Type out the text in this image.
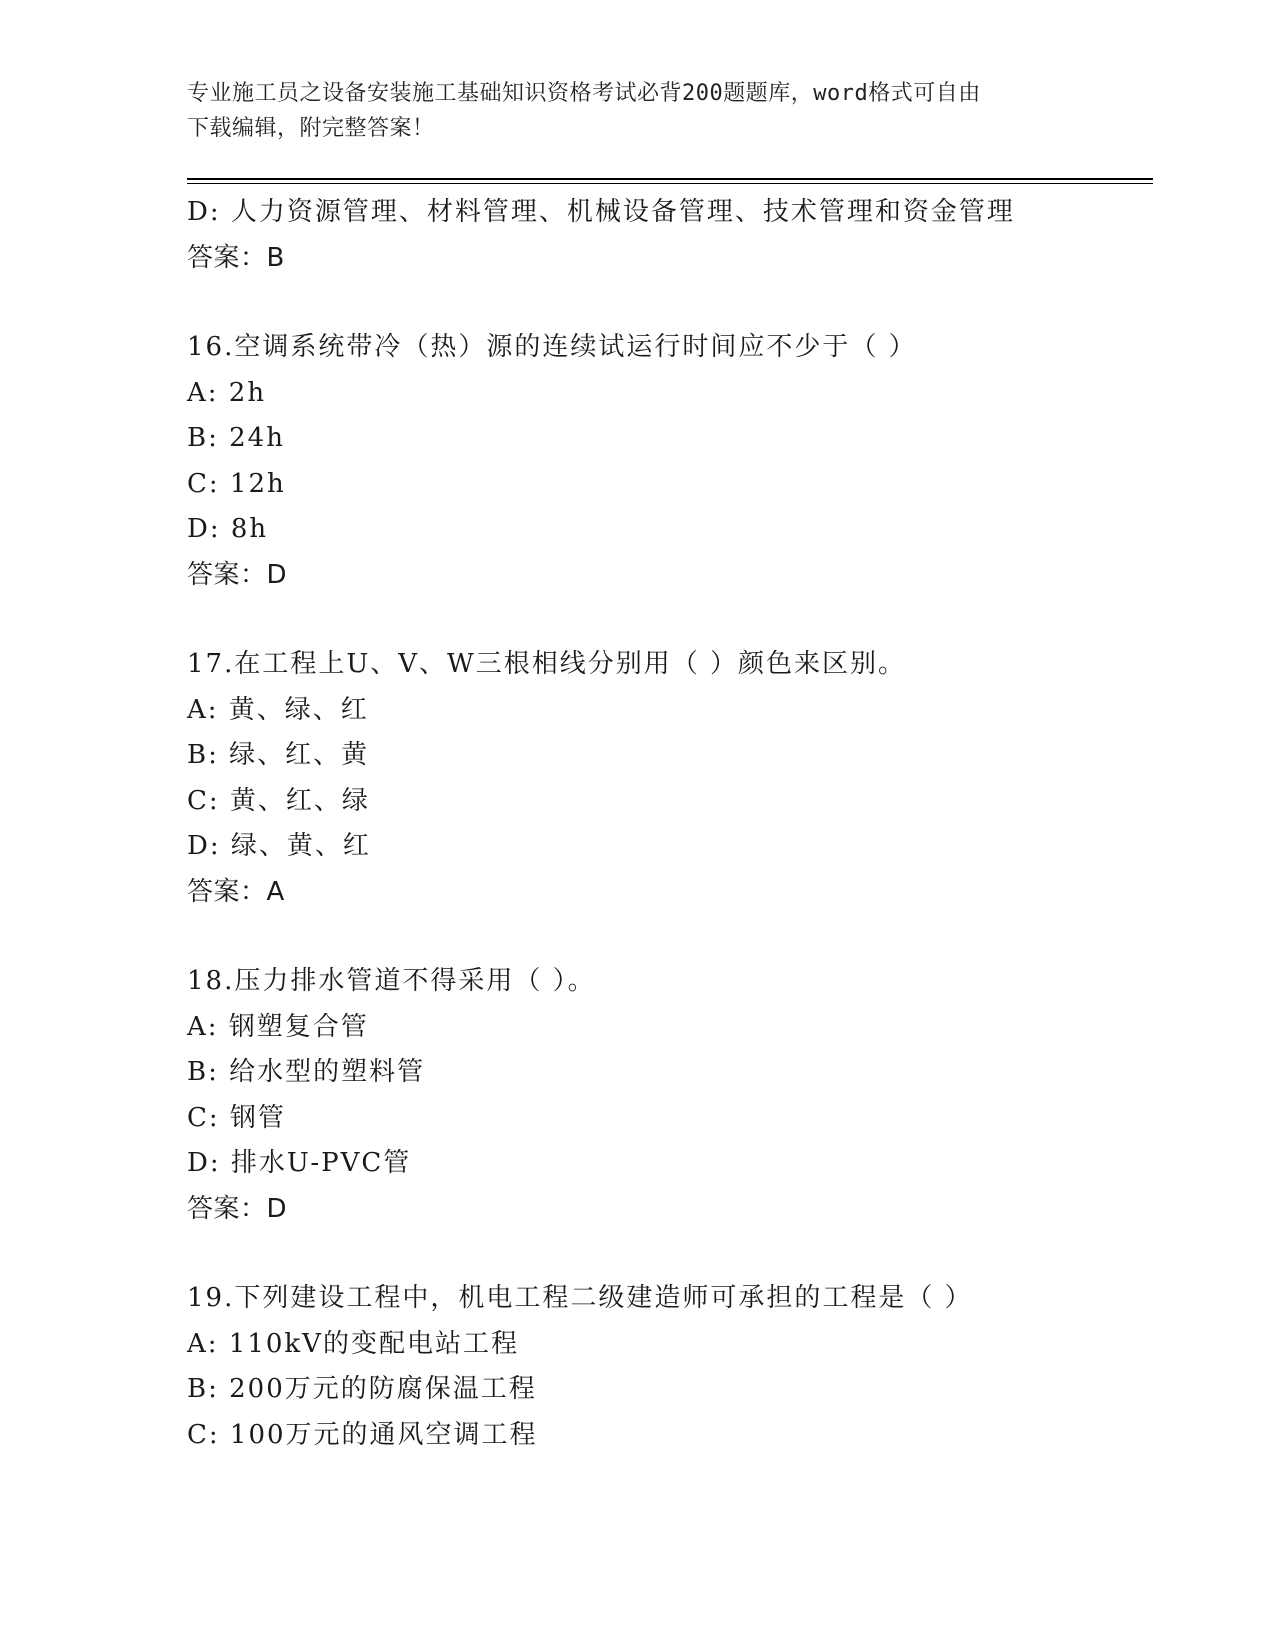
专业施工员之设备安装施工基础知识资格考试必背200题题库，word格式可自由
下载编辑，附完整答案！
D: 人力资源管理、材料管理、机械设备管理、技术管理和资金管理
答案：B
16.空调系统带冷（热）源的连续试运行时间应不少于（ ）
A: 2h
B: 24h
C: 12h
D: 8h
答案：D
17.在工程上U、V、W三根相线分别用（ ）颜色来区别。
A: 黄、绿、红
B: 绿、红、黄
C: 黄、红、绿
D: 绿、黄、红
答案：A
18.压力排水管道不得采用（ ）。
A: 钢塑复合管
B: 给水型的塑料管
C: 钢管
D: 排水U-PVC管
答案：D
19.下列建设工程中，机电工程二级建造师可承担的工程是（ ）
A: 110kV的变配电站工程
B: 200万元的防腐保温工程
C: 100万元的通风空调工程
